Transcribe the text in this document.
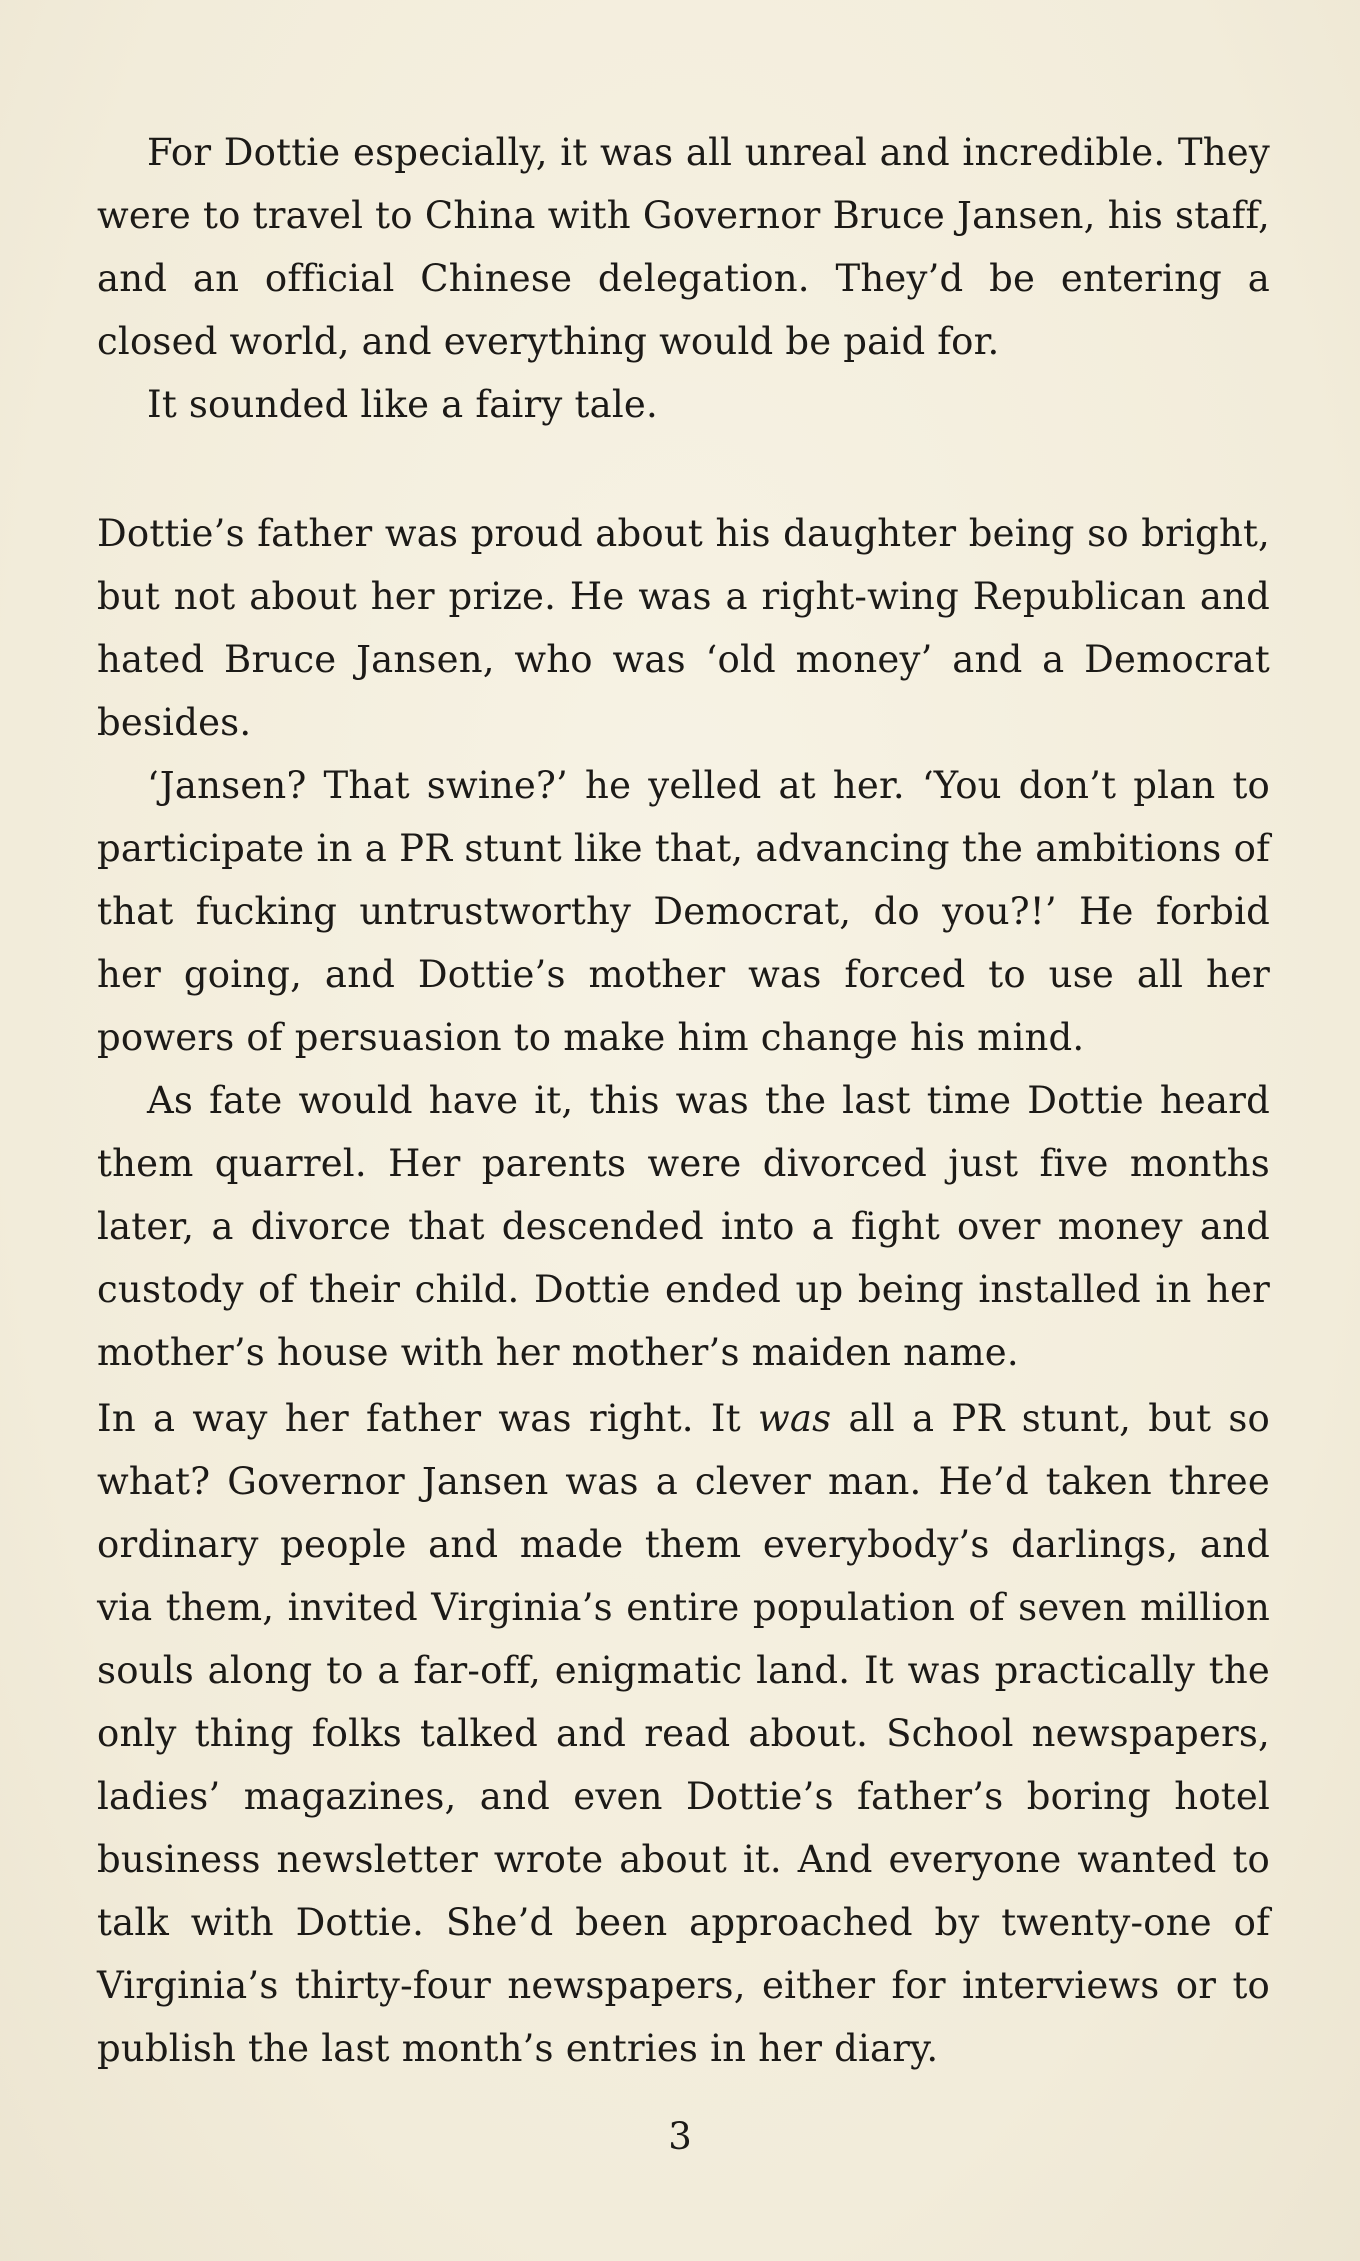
For Dottie especially, it was all unreal and incredible. They were to travel to China with Governor Bruce Jansen, his staff, and an official Chinese delegation. They’d be entering a closed world, and everything would be paid for.

It sounded like a fairy tale.

Dottie’s father was proud about his daughter being so bright, but not about her prize. He was a right-wing Republican and hated Bruce Jansen, who was ‘old money’ and a Democrat besides.

‘Jansen? That swine?’ he yelled at her. ‘You don’t plan to participate in a PR stunt like that, advancing the ambitions of that fucking untrustworthy Democrat, do you?!’ He forbid her going, and Dottie’s mother was forced to use all her powers of persuasion to make him change his mind.

As fate would have it, this was the last time Dottie heard them quarrel. Her parents were divorced just five months later, a divorce that descended into a fight over money and custody of their child. Dottie ended up being installed in her mother’s house with her mother’s maiden name.

In a way her father was right. It was all a PR stunt, but so what? Governor Jansen was a clever man. He’d taken three ordinary people and made them everybody’s darlings, and via them, invited Virginia’s entire population of seven million souls along to a far-off, enigmatic land. It was practically the only thing folks talked and read about. School newspapers, ladies’ magazines, and even Dottie’s father’s boring hotel business newsletter wrote about it. And everyone wanted to talk with Dottie. She’d been approached by twenty-one of Virginia’s thirty-four newspapers, either for interviews or to publish the last month’s entries in her diary.

3
